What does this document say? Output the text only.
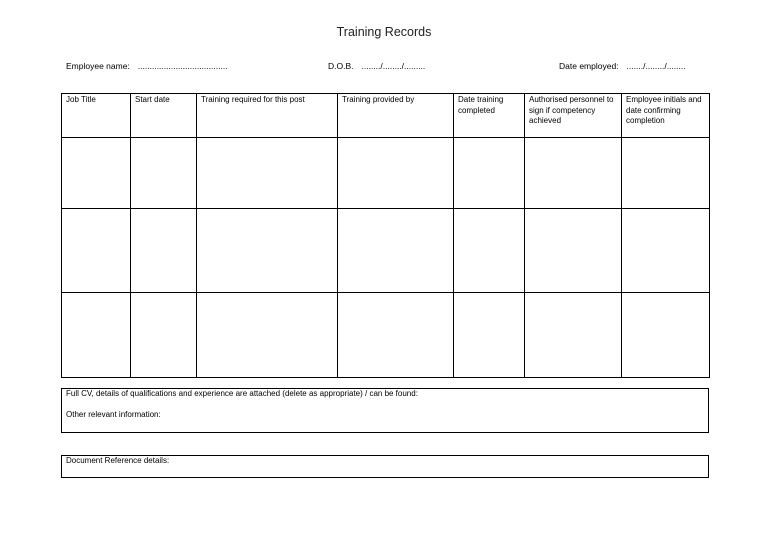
Training Records
Employee name: ......................................	D.O.B. ......../......../.........	Date employed: ......./......../........
Job Title	Start date	Training required for this post	Training provided by	Date training completed	Authorised personnel to sign if competency achieved	Employee initials and date confirming completion

Full CV, details of qualifications and experience are attached (delete as appropriate) / can be found:
Other relevant information:
Document Reference details:
